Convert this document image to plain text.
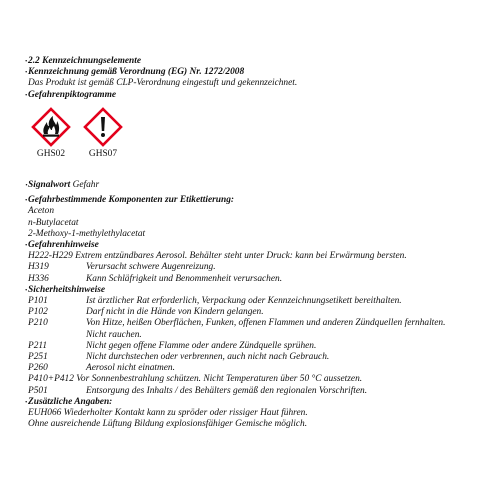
· 2.2 Kennzeichnungselemente
· Kennzeichnung gemäß Verordnung (EG) Nr. 1272/2008
Das Produkt ist gemäß CLP-Verordnung eingestuft und gekennzeichnet.
· Gefahrenpiktogramme
GHS02	GHS07
· Signalwort Gefahr
· Gefahrbestimmende Komponenten zur Etikettierung:
Aceton
n-Butylacetat
2-Methoxy-1-methylethylacetat
· Gefahrenhinweise
H222-H229 Extrem entzündbares Aerosol. Behälter steht unter Druck: kann bei Erwärmung bersten.
H319	Verursacht schwere Augenreizung.
H336	Kann Schläfrigkeit und Benommenheit verursachen.
· Sicherheitshinweise
P101	Ist ärztlicher Rat erforderlich, Verpackung oder Kennzeichnungsetikett bereithalten.
P102	Darf nicht in die Hände von Kindern gelangen.
P210	Von Hitze, heißen Oberflächen, Funken, offenen Flammen und anderen Zündquellen fernhalten.
Nicht rauchen.
P211	Nicht gegen offene Flamme oder andere Zündquelle sprühen.
P251	Nicht durchstechen oder verbrennen, auch nicht nach Gebrauch.
P260	Aerosol nicht einatmen.
P410+P412 Vor Sonnenbestrahlung schützen. Nicht Temperaturen über 50 °C aussetzen.
P501	Entsorgung des Inhalts / des Behälters gemäß den regionalen Vorschriften.
· Zusätzliche Angaben:
EUH066 Wiederholter Kontakt kann zu spröder oder rissiger Haut führen.
Ohne ausreichende Lüftung Bildung explosionsfähiger Gemische möglich.
